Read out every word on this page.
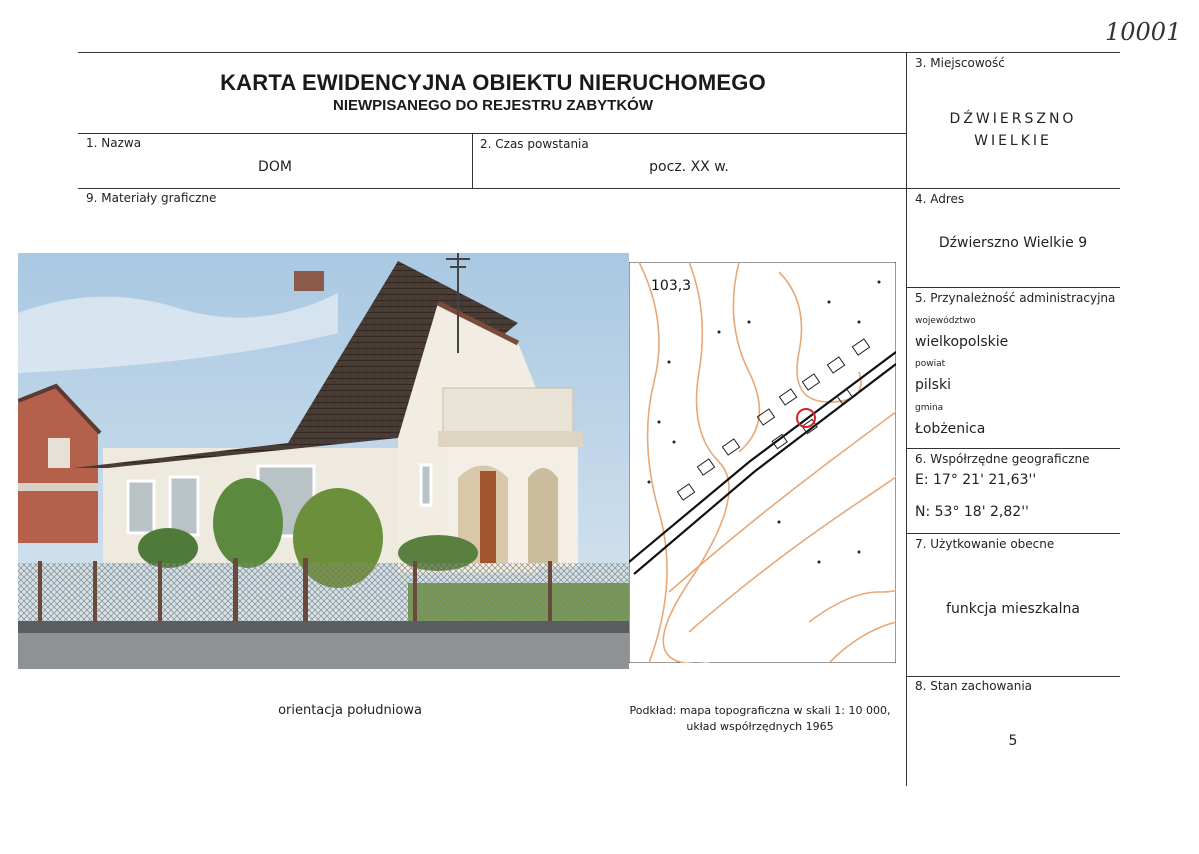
10001
KARTA EWIDENCYJNA OBIEKTU NIERUCHOMEGO
NIEWPISANEGO DO REJESTRU ZABYTKÓW
1. Nazwa
DOM
2. Czas powstania
pocz. XX w.
3. Miejscowość
DŹWIERSZNO
WIELKIE
4. Adres
Dźwierszno Wielkie 9
5. Przynależność administracyjna
województwo
wielkopolskie
powiat
pilski
gmina
Łobżenica
6. Współrzędne geograficzne
E: 17° 21' 21,63''
N: 53° 18' 2,82''
7. Użytkowanie obecne
funkcja mieszkalna
8. Stan zachowania
5
9. Materiały graficzne
103,3
orientacja południowa	Podkład: mapa topograficzna w skali 1: 10 000,
układ współrzędnych 1965
